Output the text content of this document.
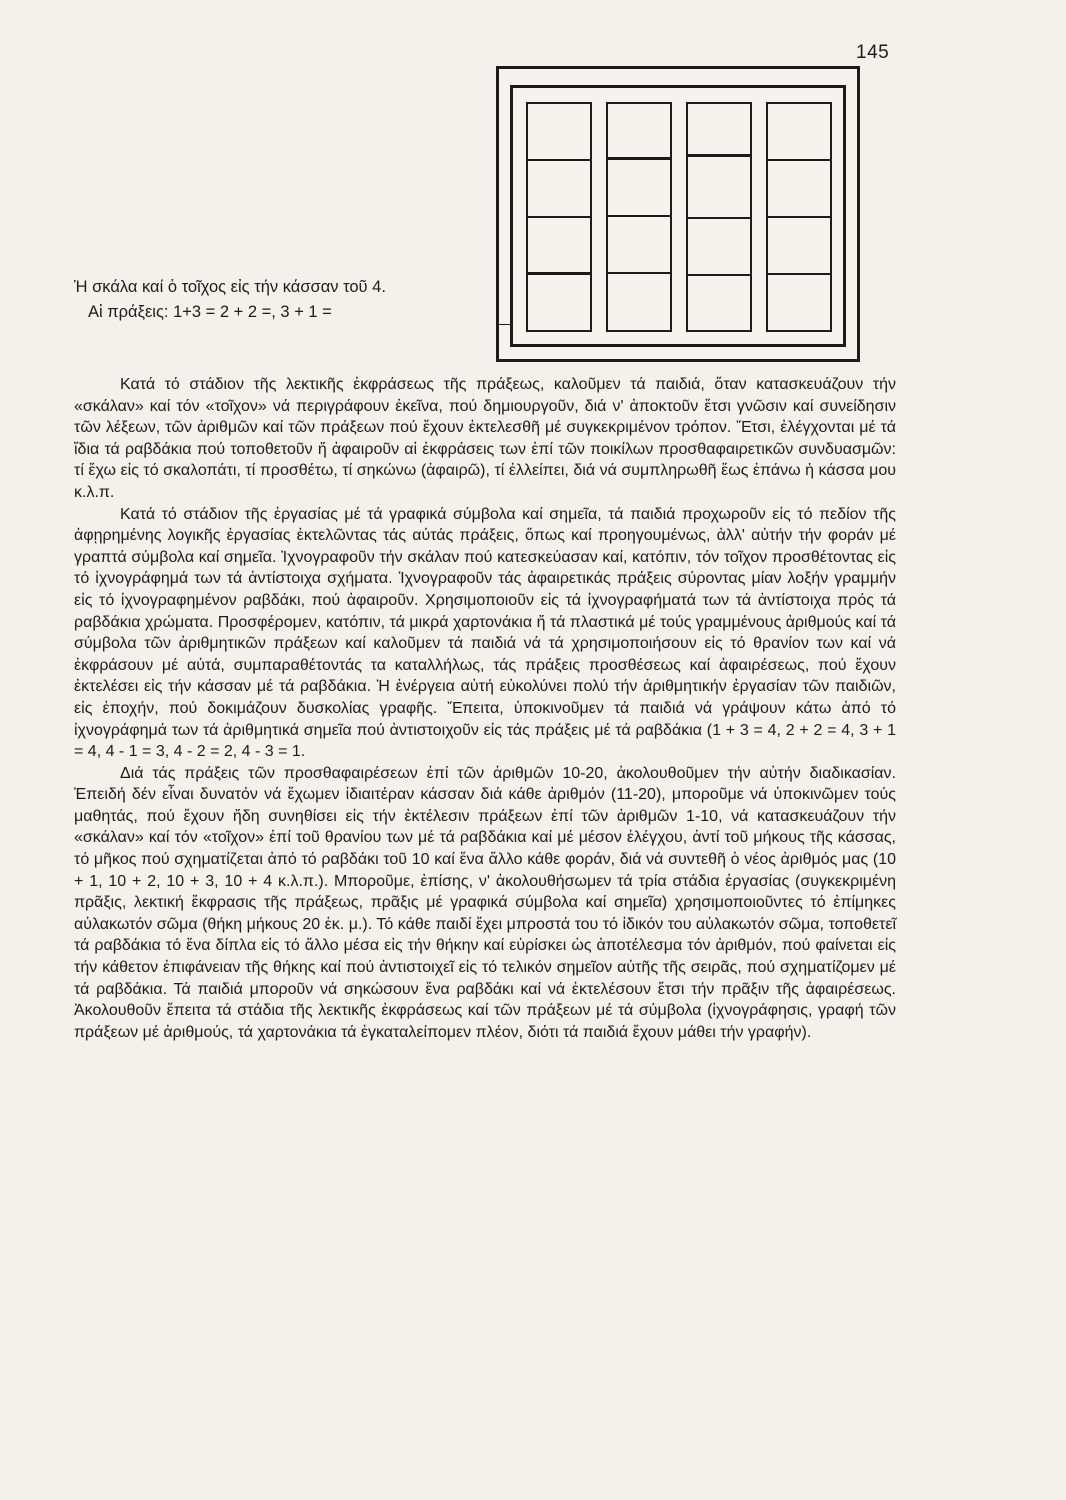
145
Ἡ σκάλα καί ὁ τοῖχος εἰς τήν κάσσαν τοῦ 4.
Αἱ πράξεις: 1+3 = 2 + 2 =, 3 + 1 =

Κατά τό στάδιον τῆς λεκτικῆς ἐκφράσεως τῆς πράξεως, καλοῦμεν τά παιδιά, ὅταν κατασκευάζουν τήν «σκάλαν» καί τόν «τοῖχον» νά περιγράφουν ἐκεῖνα, πού δημιουργοῦν, διά ν' ἀποκτοῦν ἔτσι γνῶσιν καί συνείδησιν τῶν λέξεων, τῶν ἀριθμῶν καί τῶν πράξεων πού ἔχουν ἐκτελεσθῆ μέ συγκεκριμένον τρόπον. Ἔτσι, ἐλέγχονται μέ τά ἴδια τά ραβδάκια πού τοποθετοῦν ἤ ἀφαιροῦν αἱ ἐκφράσεις των ἐπί τῶν ποικίλων προσθαφαιρετικῶν συνδυασμῶν: τί ἔχω εἰς τό σκαλοπάτι, τί προσθέτω, τί σηκώνω (ἀφαιρῶ), τί ἐλλείπει, διά νά συμπληρωθῆ ἕως ἐπάνω ἡ κάσσα μου κ.λ.π.

Κατά τό στάδιον τῆς ἐργασίας μέ τά γραφικά σύμβολα καί σημεῖα, τά παιδιά προχωροῦν εἰς τό πεδίον τῆς ἀφῃρημένης λογικῆς ἐργασίας ἐκτελῶντας τάς αὐτάς πράξεις, ὅπως καί προηγουμένως, ἀλλ' αὐτήν τήν φοράν μέ γραπτά σύμβολα καί σημεῖα. Ἰχνογραφοῦν τήν σκάλαν πού κατεσκεύασαν καί, κατόπιν, τόν τοῖχον προσθέτοντας εἰς τό ἰχνογράφημά των τά ἀντίστοιχα σχήματα. Ἰχνογραφοῦν τάς ἀφαιρετικάς πράξεις σύροντας μίαν λοξήν γραμμήν εἰς τό ἰχνογραφημένον ραβδάκι, πού ἀφαιροῦν. Χρησιμοποιοῦν εἰς τά ἰχνογραφήματά των τά ἀντίστοιχα πρός τά ραβδάκια χρώματα. Προσφέρομεν, κατόπιν, τά μικρά χαρτονάκια ἤ τά πλαστικά μέ τούς γραμμένους ἀριθμούς καί τά σύμβολα τῶν ἀριθμητικῶν πράξεων καί καλοῦμεν τά παιδιά νά τά χρησιμοποιήσουν εἰς τό θρανίον των καί νά ἐκφράσουν μέ αὐτά, συμπαραθέτοντάς τα καταλλήλως, τάς πράξεις προσθέσεως καί ἀφαιρέσεως, πού ἔχουν ἐκτελέσει εἰς τήν κάσσαν μέ τά ραβδάκια. Ἡ ἐνέργεια αὐτή εὐκολύνει πολύ τήν ἀριθμητικήν ἐργασίαν τῶν παιδιῶν, εἰς ἐποχήν, πού δοκιμάζουν δυσκολίας γραφῆς. Ἔπειτα, ὑποκινοῦμεν τά παιδιά νά γράψουν κάτω ἀπό τό ἰχνογράφημά των τά ἀριθμητικά σημεῖα πού ἀντιστοιχοῦν εἰς τάς πράξεις μέ τά ραβδάκια (1 + 3 = 4, 2 + 2 = 4, 3 + 1 = 4, 4 - 1 = 3, 4 - 2 = 2, 4 - 3 = 1.

Διά τάς πράξεις τῶν προσθαφαιρέσεων ἐπί τῶν ἀριθμῶν 10-20, ἀκολουθοῦμεν τήν αὐτήν διαδικασίαν. Ἐπειδή δέν εἶναι δυνατόν νά ἔχωμεν ἰδιαιτέραν κάσσαν διά κάθε ἀριθμόν (11-20), μποροῦμε νά ὑποκινῶμεν τούς μαθητάς, πού ἔχουν ἤδη συνηθίσει εἰς τήν ἐκτέλεσιν πράξεων ἐπί τῶν ἀριθμῶν 1-10, νά κατασκευάζουν τήν «σκάλαν» καί τόν «τοῖχον» ἐπί τοῦ θρανίου των μέ τά ραβδάκια καί μέ μέσον ἐλέγχου, ἀντί τοῦ μήκους τῆς κάσσας, τό μῆκος πού σχηματίζεται ἀπό τό ραβδάκι τοῦ 10 καί ἕνα ἄλλο κάθε φοράν, διά νά συντεθῆ ὁ νέος ἀριθμός μας (10 + 1, 10 + 2, 10 + 3, 10 + 4 κ.λ.π.). Μποροῦμε, ἐπίσης, ν' ἀκολουθήσωμεν τά τρία στάδια ἐργασίας (συγκεκριμένη πρᾶξις, λεκτική ἔκφρασις τῆς πράξεως, πρᾶξις μέ γραφικά σύμβολα καί σημεῖα) χρησιμοποιοῦντες τό ἐπίμηκες αὐλακωτόν σῶμα (θήκη μήκους 20 ἑκ. μ.). Τό κάθε παιδί ἔχει μπροστά του τό ἰδικόν του αὐλακωτόν σῶμα, τοποθετεῖ τά ραβδάκια τό ἕνα δίπλα εἰς τό ἄλλο μέσα εἰς τήν θήκην καί εὑρίσκει ὡς ἀποτέλεσμα τόν ἀριθμόν, πού φαίνεται εἰς τήν κάθετον ἐπιφάνειαν τῆς θήκης καί πού ἀντιστοιχεῖ εἰς τό τελικόν σημεῖον αὐτῆς τῆς σειρᾶς, πού σχηματίζομεν μέ τά ραβδάκια. Τά παιδιά μποροῦν νά σηκώσουν ἕνα ραβδάκι καί νά ἐκτελέσουν ἔτσι τήν πρᾶξιν τῆς ἀφαιρέσεως. Ἀκολουθοῦν ἔπειτα τά στάδια τῆς λεκτικῆς ἐκφράσεως καί τῶν πράξεων μέ τά σύμβολα (ἰχνογράφησις, γραφή τῶν πράξεων μέ ἀριθμούς, τά χαρτονάκια τά ἐγκαταλείπομεν πλέον, διότι τά παιδιά ἔχουν μάθει τήν γραφήν).
